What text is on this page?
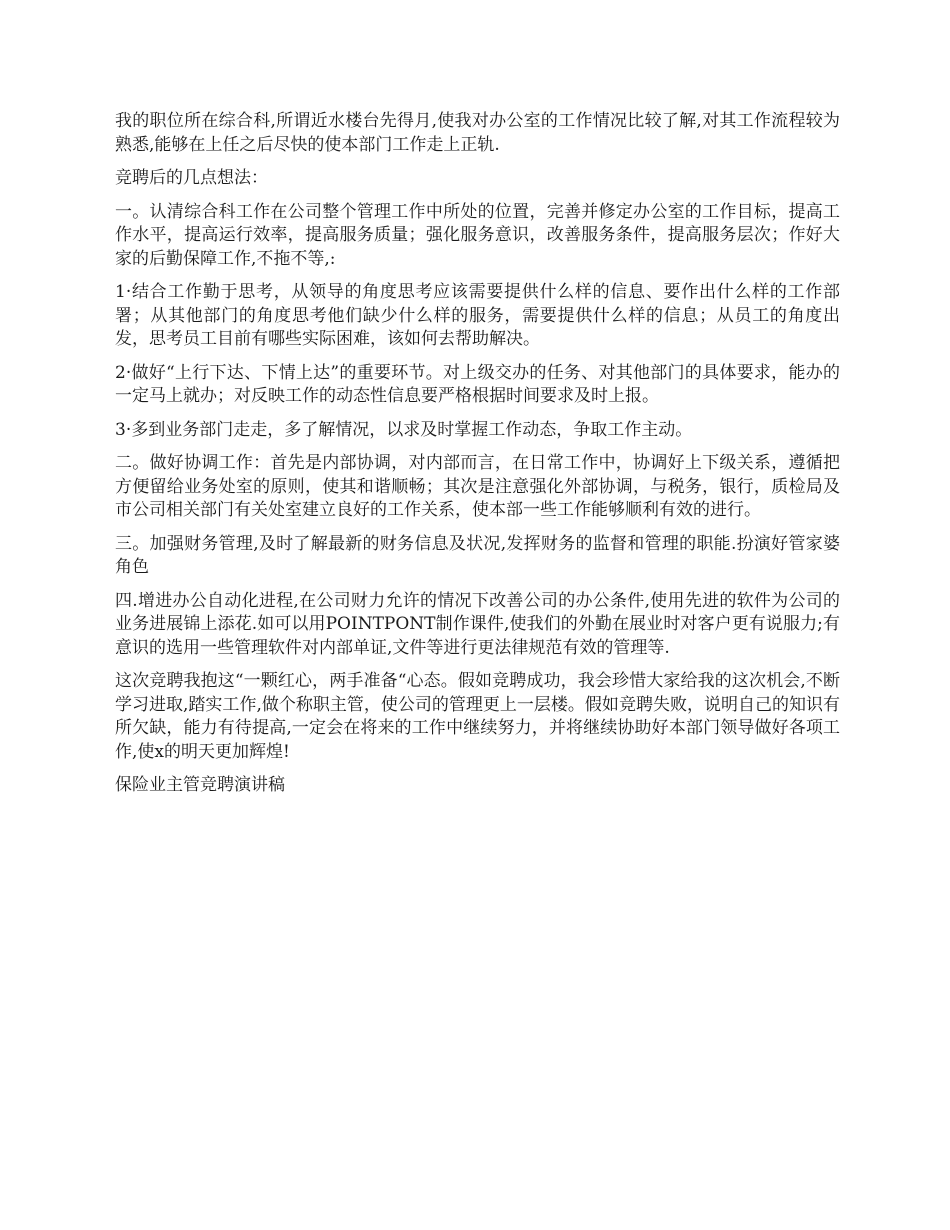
我的职位所在综合科,所谓近水楼台先得月,使我对办公室的工作情况比较了解,对其工作流程较为熟悉,能够在上任之后尽快的使本部门工作走上正轨.

竞聘后的几点想法：

一。认清综合科工作在公司整个管理工作中所处的位置，完善并修定办公室的工作目标，提高工作水平，提高运行效率，提高服务质量；强化服务意识，改善服务条件，提高服务层次；作好大家的后勤保障工作,不拖不等,:

1·结合工作勤于思考，从领导的角度思考应该需要提供什么样的信息、要作出什么样的工作部署；从其他部门的角度思考他们缺少什么样的服务，需要提供什么样的信息；从员工的角度出发，思考员工目前有哪些实际困难，该如何去帮助解决。

2·做好“上行下达、下情上达”的重要环节。对上级交办的任务、对其他部门的具体要求，能办的一定马上就办；对反映工作的动态性信息要严格根据时间要求及时上报。

3·多到业务部门走走，多了解情况，以求及时掌握工作动态，争取工作主动。

二。做好协调工作：首先是内部协调，对内部而言，在日常工作中，协调好上下级关系，遵循把方便留给业务处室的原则，使其和谐顺畅；其次是注意强化外部协调，与税务，银行，质检局及市公司相关部门有关处室建立良好的工作关系，使本部一些工作能够顺利有效的进行。

三。加强财务管理,及时了解最新的财务信息及状况,发挥财务的监督和管理的职能.扮演好管家婆角色

四.增进办公自动化进程,在公司财力允许的情况下改善公司的办公条件,使用先进的软件为公司的业务进展锦上添花.如可以用POINTPONT制作课件,使我们的外勤在展业时对客户更有说服力;有意识的选用一些管理软件对内部单证,文件等进行更法律规范有效的管理等.

这次竞聘我抱这“一颗红心，两手准备“心态。假如竞聘成功，我会珍惜大家给我的这次机会,不断学习进取,踏实工作,做个称职主管，使公司的管理更上一层楼。假如竞聘失败，说明自己的知识有所欠缺，能力有待提高,一定会在将来的工作中继续努力，并将继续协助好本部门领导做好各项工作,使x的明天更加辉煌!

保险业主管竞聘演讲稿
